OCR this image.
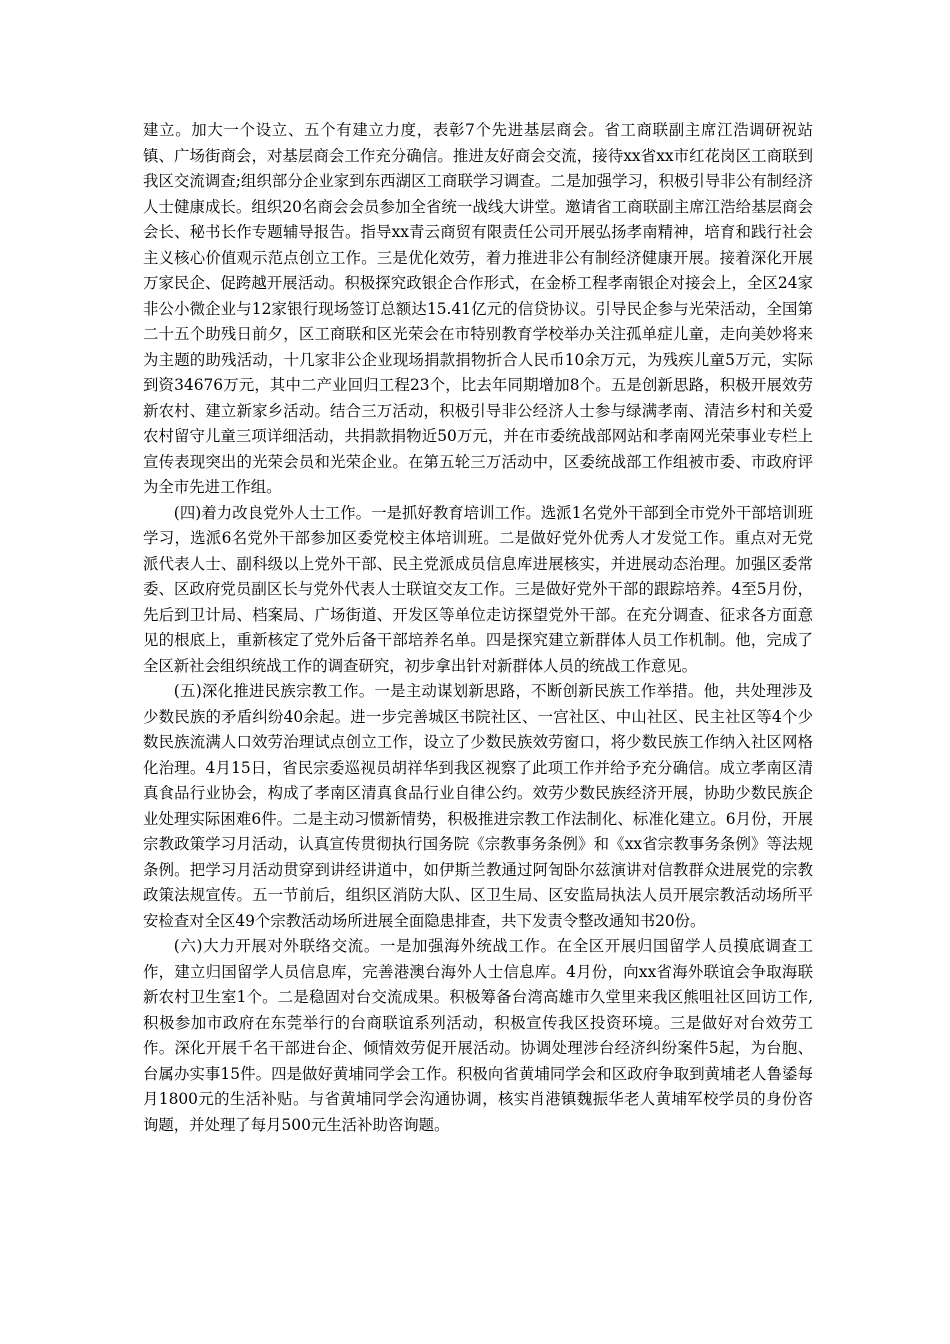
建立。加大一个设立、五个有建立力度，表彰7个先进基层商会。省工商联副主席江浩调研祝站镇、广场街商会，对基层商会工作充分确信。推进友好商会交流，接待xx省xx市红花岗区工商联到我区交流调查;组织部分企业家到东西湖区工商联学习调查。二是加强学习，积极引导非公有制经济人士健康成长。组织20名商会会员参加全省统一战线大讲堂。邀请省工商联副主席江浩给基层商会会长、秘书长作专题辅导报告。指导xx青云商贸有限责任公司开展弘扬孝南精神，培育和践行社会主义核心价值观示范点创立工作。三是优化效劳，着力推进非公有制经济健康开展。接着深化开展万家民企、促跨越开展活动。积极探究政银企合作形式，在金桥工程孝南银企对接会上，全区24家非公小微企业与12家银行现场签订总额达15.41亿元的信贷协议。引导民企参与光荣活动，全国第二十五个助残日前夕，区工商联和区光荣会在市特别教育学校举办关注孤单症儿童，走向美妙将来为主题的助残活动，十几家非公企业现场捐款捐物折合人民币10余万元，为残疾儿童5万元，实际到资34676万元，其中二产业回归工程23个，比去年同期增加8个。五是创新思路，积极开展效劳新农村、建立新家乡活动。结合三万活动，积极引导非公经济人士参与绿满孝南、清洁乡村和关爱农村留守儿童三项详细活动，共捐款捐物近50万元，并在市委统战部网站和孝南网光荣事业专栏上宣传表现突出的光荣会员和光荣企业。在第五轮三万活动中，区委统战部工作组被市委、市政府评为全市先进工作组。

(四)着力改良党外人士工作。一是抓好教育培训工作。选派1名党外干部到全市党外干部培训班学习，选派6名党外干部参加区委党校主体培训班。二是做好党外优秀人才发觉工作。重点对无党派代表人士、副科级以上党外干部、民主党派成员信息库进展核实，并进展动态治理。加强区委常委、区政府党员副区长与党外代表人士联谊交友工作。三是做好党外干部的跟踪培养。4至5月份，先后到卫计局、档案局、广场街道、开发区等单位走访探望党外干部。在充分调查、征求各方面意见的根底上，重新核定了党外后备干部培养名单。四是探究建立新群体人员工作机制。他，完成了全区新社会组织统战工作的调查研究，初步拿出针对新群体人员的统战工作意见。

(五)深化推进民族宗教工作。一是主动谋划新思路，不断创新民族工作举措。他，共处理涉及少数民族的矛盾纠纷40余起。进一步完善城区书院社区、一宫社区、中山社区、民主社区等4个少数民族流满人口效劳治理试点创立工作，设立了少数民族效劳窗口，将少数民族工作纳入社区网格化治理。4月15日，省民宗委巡视员胡祥华到我区视察了此项工作并给予充分确信。成立孝南区清真食品行业协会，构成了孝南区清真食品行业自律公约。效劳少数民族经济开展，协助少数民族企业处理实际困难6件。二是主动习惯新情势，积极推进宗教工作法制化、标准化建立。6月份，开展宗教政策学习月活动，认真宣传贯彻执行国务院《宗教事务条例》和《xx省宗教事务条例》等法规条例。把学习月活动贯穿到讲经讲道中，如伊斯兰教通过阿訇卧尔兹演讲对信教群众进展党的宗教政策法规宣传。五一节前后，组织区消防大队、区卫生局、区安监局执法人员开展宗教活动场所平安检查对全区49个宗教活动场所进展全面隐患排查，共下发责令整改通知书20份。

(六)大力开展对外联络交流。一是加强海外统战工作。在全区开展归国留学人员摸底调查工作，建立归国留学人员信息库，完善港澳台海外人士信息库。4月份，向xx省海外联谊会争取海联新农村卫生室1个。二是稳固对台交流成果。积极筹备台湾高雄市久堂里来我区熊咀社区回访工作,积极参加市政府在东莞举行的台商联谊系列活动，积极宣传我区投资环境。三是做好对台效劳工作。深化开展千名干部进台企、倾情效劳促开展活动。协调处理涉台经济纠纷案件5起，为台胞、台属办实事15件。四是做好黄埔同学会工作。积极向省黄埔同学会和区政府争取到黄埔老人鲁鋈每月1800元的生活补贴。与省黄埔同学会沟通协调，核实肖港镇魏振华老人黄埔军校学员的身份咨询题，并处理了每月500元生活补助咨询题。
